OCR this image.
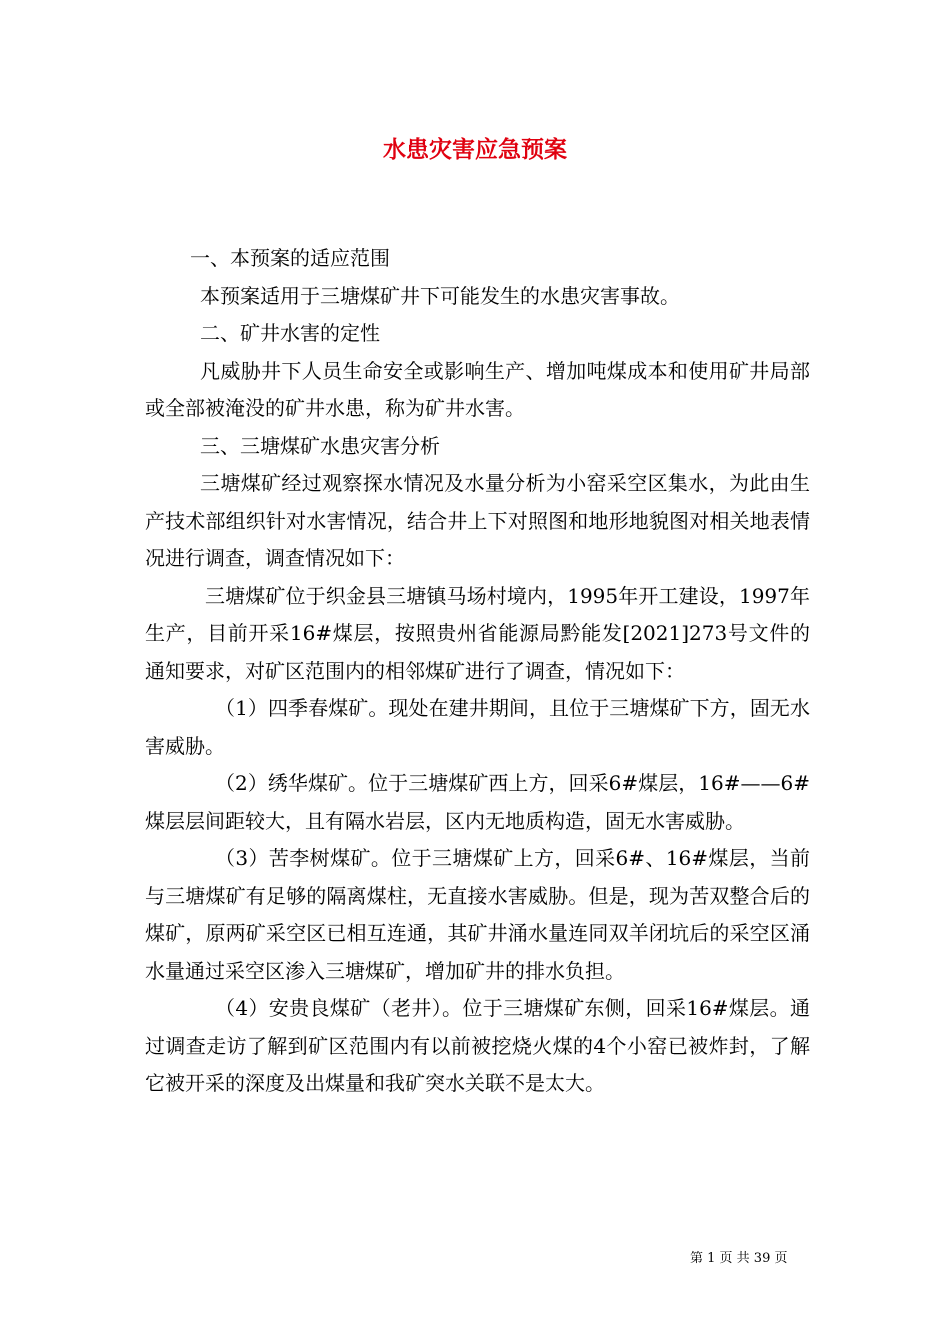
水患灾害应急预案

一、本预案的适应范围

本预案适用于三塘煤矿井下可能发生的水患灾害事故。

二、矿井水害的定性

凡威胁井下人员生命安全或影响生产、增加吨煤成本和使用矿井局部或全部被淹没的矿井水患，称为矿井水害。

三、三塘煤矿水患灾害分析

三塘煤矿经过观察探水情况及水量分析为小窑采空区集水，为此由生产技术部组织针对水害情况，结合井上下对照图和地形地貌图对相关地表情况进行调查，调查情况如下：

三塘煤矿位于织金县三塘镇马场村境内，1995年开工建设，1997年生产，目前开采16#煤层，按照贵州省能源局黔能发[2021]273号文件的通知要求，对矿区范围内的相邻煤矿进行了调查，情况如下：

（1）四季春煤矿。现处在建井期间，且位于三塘煤矿下方，固无水害威胁。

（2）绣华煤矿。位于三塘煤矿西上方，回采6#煤层，16#——6#煤层层间距较大，且有隔水岩层，区内无地质构造，固无水害威胁。

（3）苦李树煤矿。位于三塘煤矿上方，回采6#、16#煤层，当前与三塘煤矿有足够的隔离煤柱，无直接水害威胁。但是，现为苦双整合后的煤矿，原两矿采空区已相互连通，其矿井涌水量连同双羊闭坑后的采空区涌水量通过采空区渗入三塘煤矿，增加矿井的排水负担。

（4）安贵良煤矿（老井）。位于三塘煤矿东侧，回采16#煤层。通过调查走访了解到矿区范围内有以前被挖烧火煤的4个小窑已被炸封，了解它被开采的深度及出煤量和我矿突水关联不是太大。

第 1 页 共 39 页
